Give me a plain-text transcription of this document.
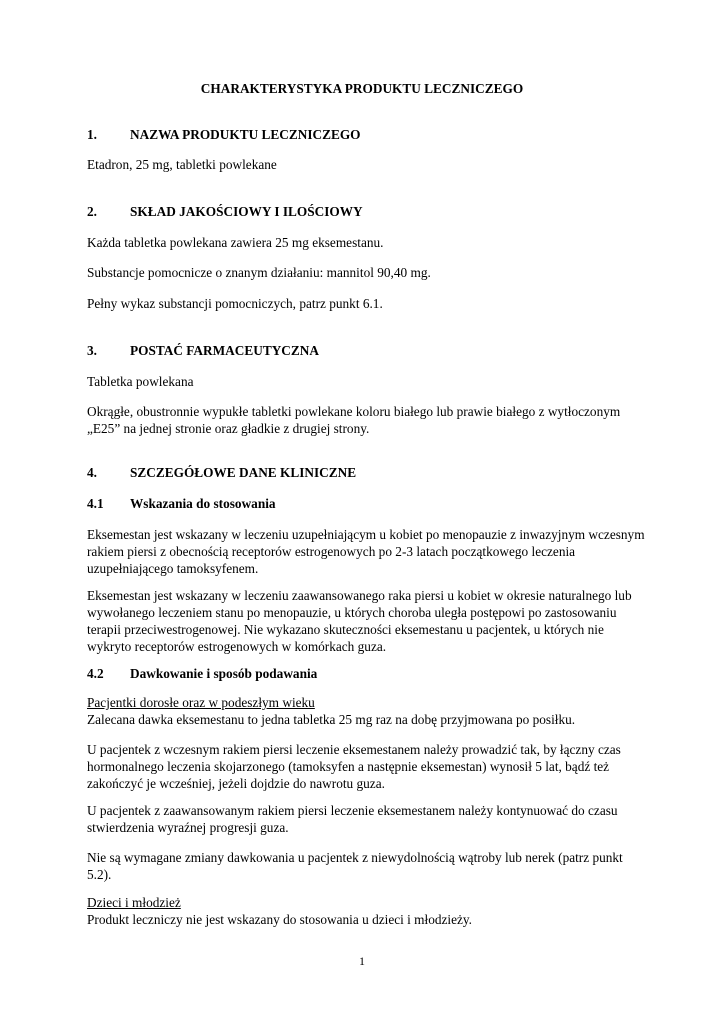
CHARAKTERYSTYKA PRODUKTU LECZNICZEGO
1. NAZWA PRODUKTU LECZNICZEGO

Etadron, 25 mg, tabletki powlekane

2. SKŁAD JAKOŚCIOWY I ILOŚCIOWY

Każda tabletka powlekana zawiera 25 mg eksemestanu.

Substancje pomocnicze o znanym działaniu: mannitol 90,40 mg.

Pełny wykaz substancji pomocniczych, patrz punkt 6.1.

3. POSTAĆ FARMACEUTYCZNA

Tabletka powlekana

Okrągłe, obustronnie wypukłe tabletki powlekane koloru białego lub prawie białego z wytłoczonym „E25” na jednej stronie oraz gładkie z drugiej strony.

4. SZCZEGÓŁOWE DANE KLINICZNE
4.1 Wskazania do stosowania

Eksemestan jest wskazany w leczeniu uzupełniającym u kobiet po menopauzie z inwazyjnym wczesnym rakiem piersi z obecnością receptorów estrogenowych po 2-3 latach początkowego leczenia uzupełniającego tamoksyfenem.

Eksemestan jest wskazany w leczeniu zaawansowanego raka piersi u kobiet w okresie naturalnego lub wywołanego leczeniem stanu po menopauzie, u których choroba uległa postępowi po zastosowaniu terapii przeciwestrogenowej. Nie wykazano skuteczności eksemestanu u pacjentek, u których nie wykryto receptorów estrogenowych w komórkach guza.

4.2 Dawkowanie i sposób podawania

Pacjentki dorosłe oraz w podeszłym wieku

Zalecana dawka eksemestanu to jedna tabletka 25 mg raz na dobę przyjmowana po posiłku.

U pacjentek z wczesnym rakiem piersi leczenie eksemestanem należy prowadzić tak, by łączny czas hormonalnego leczenia skojarzonego (tamoksyfen a następnie eksemestan) wynosił 5 lat, bądź też zakończyć je wcześniej, jeżeli dojdzie do nawrotu guza.

U pacjentek z zaawansowanym rakiem piersi leczenie eksemestanem należy kontynuować do czasu stwierdzenia wyraźnej progresji guza.

Nie są wymagane zmiany dawkowania u pacjentek z niewydolnością wątroby lub nerek (patrz punkt 5.2).

Dzieci i młodzież

Produkt leczniczy nie jest wskazany do stosowania u dzieci i młodzieży.

1
